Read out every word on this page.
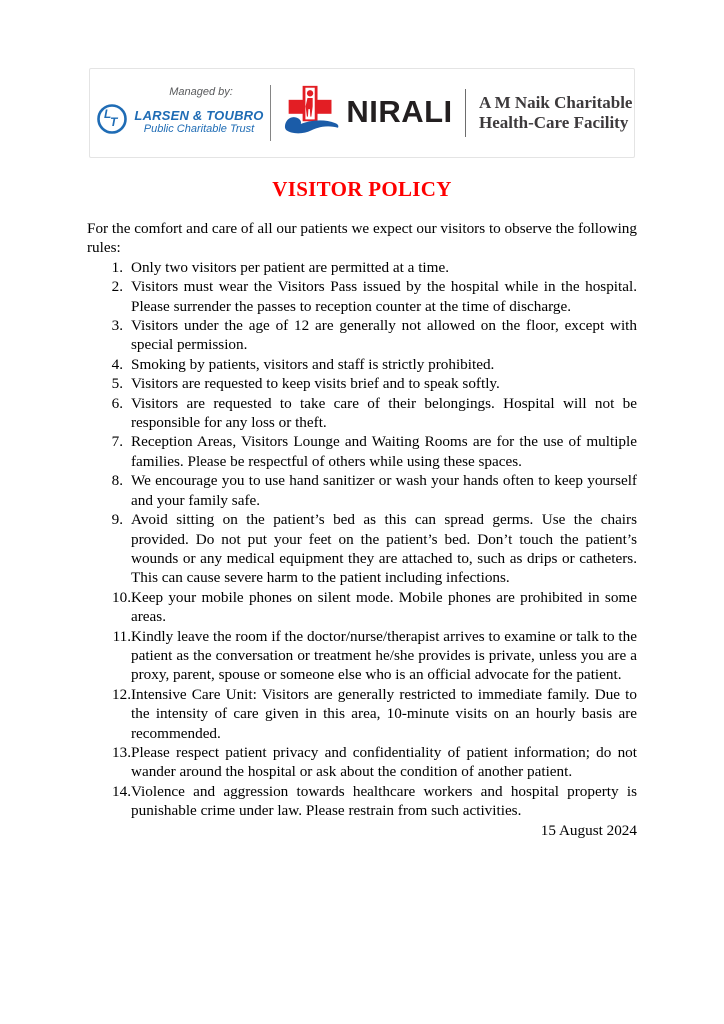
Managed by:
L
T LARSEN & TOUBRO
Public Charitable Trust
NIRALI A M Naik Charitable
Health-Care Facility
VISITOR POLICY

For the comfort and care of all our patients we expect our visitors to observe the following rules:

1. Only two visitors per patient are permitted at a time.
2. Visitors must wear the Visitors Pass issued by the hospital while in the hospital. Please surrender the passes to reception counter at the time of discharge.
3. Visitors under the age of 12 are generally not allowed on the floor, except with special permission.
4. Smoking by patients, visitors and staff is strictly prohibited.
5. Visitors are requested to keep visits brief and to speak softly.
6. Visitors are requested to take care of their belongings. Hospital will not be responsible for any loss or theft.
7. Reception Areas, Visitors Lounge and Waiting Rooms are for the use of multiple families. Please be respectful of others while using these spaces.
8. We encourage you to use hand sanitizer or wash your hands often to keep yourself and your family safe.
9. Avoid sitting on the patient’s bed as this can spread germs. Use the chairs provided. Do not put your feet on the patient’s bed. Don’t touch the patient’s wounds or any medical equipment they are attached to, such as drips or catheters. This can cause severe harm to the patient including infections.
10.Keep your mobile phones on silent mode. Mobile phones are prohibited in some areas.
11.Kindly leave the room if the doctor/nurse/therapist arrives to examine or talk to the patient as the conversation or treatment he/she provides is private, unless you are a proxy, parent, spouse or someone else who is an official advocate for the patient.
12.Intensive Care Unit: Visitors are generally restricted to immediate family. Due to the intensity of care given in this area, 10-minute visits on an hourly basis are recommended.
13.Please respect patient privacy and confidentiality of patient information; do not wander around the hospital or ask about the condition of another patient.
14.Violence and aggression towards healthcare workers and hospital property is punishable crime under law. Please restrain from such activities.
15 August 2024
